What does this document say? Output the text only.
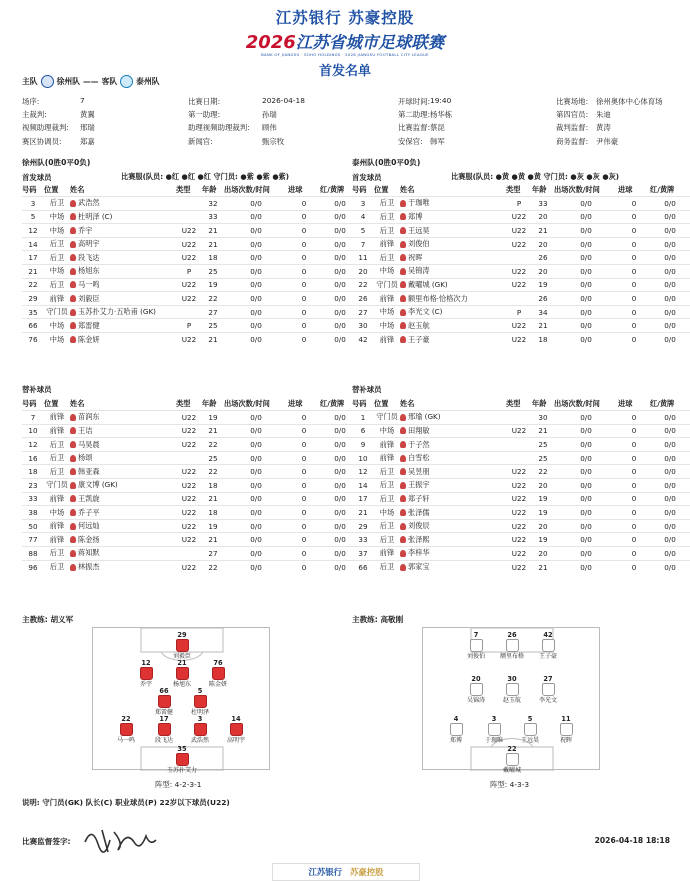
江苏银行 苏豪控股
2026江苏省城市足球联赛
BANK OF JIANGSU · SOHO HOLDINGS · 2026 JIANGSU FOOTBALL CITY LEAGUE
首发名单
主队 徐州队 —— 客队 泰州队
场序:	7	比赛日期:	2026-04-18	开球时间: 19:40	比赛场地: 徐州奥体中心体育场
主裁判:	黄翼	第一助理:	孙瑞	第二助理: 杨华栋	第四官员: 朱迪
视频助理裁判: 邢瑞	助理视频助理裁判: 顾伟	比赛监督: 蔡昆	裁判监督: 黄涛
赛区协调员:	郑嘉	新闻官:	甄宗牧	安保官: 韩军	商务监督: 尹伟豪
徐州队(0胜0平0负)	泰州队(0胜0平0负)
首发球员	比赛服(队员: ●红 ●红 ●红 守门员: ●紫 ●紫 ●紫)	首发球员	比赛服(队员: ●黄 ●黄 ●黄 守门员: ●灰 ●灰 ●灰)
号码	位置	姓名	类型	年龄	出场次数/时间	进球	红/黄牌
3	后卫	武浩然		32	0/0	0	0/0
5	中场	杜明泽 (C)		33	0/0	0	0/0
12	中场	乔宇	U22	21	0/0	0	0/0
14	后卫	高明宇	U22	21	0/0	0	0/0
17	后卫	段飞达	U22	18	0/0	0	0/0
21	中场	杨旭东	P	25	0/0	0	0/0
22	后卫	马一鸣	U22	19	0/0	0	0/0
29	前锋	刘毅臣	U22	22	0/0	0	0/0
35	守门员	玉苏扑艾力·五哈甫 (GK)		27	0/0	0	0/0
66	中场	郑雷健	P	25	0/0	0	0/0
76	中场	陈金妍	U22	21	0/0	0	0/0
号码	位置	姓名	类型	年龄	出场次数/时间	进球	红/黄牌
3	后卫	于珈唯	P	33	0/0	0	0/0
4	后卫	郑博	U22	20	0/0	0	0/0
5	后卫	王远昊	U22	21	0/0	0	0/0
7	前锋	刘俊伯	U22	20	0/0	0	0/0
11	后卫	祝晖		26	0/0	0	0/0
20	中场	吴锦涛	U22	20	0/0	0	0/0
22	守门员	戴曜城 (GK)	U22	19	0/0	0	0/0
26	前锋	额里布格·恰格次力		26	0/0	0	0/0
27	中场	李光文 (C)	P	34	0/0	0	0/0
30	中场	赵玉航	U22	21	0/0	0	0/0
42	前锋	王子豪	U22	18	0/0	0	0/0
替补球员	替补球员
号码	位置	姓名	类型	年龄	出场次数/时间	进球	红/黄牌
7	前锋	苗润东	U22	19	0/0	0	0/0
10	前锋	王诘	U22	21	0/0	0	0/0
12	后卫	马昊晨	U22	22	0/0	0	0/0
16	后卫	杨颂		25	0/0	0	0/0
18	后卫	韩亚森	U22	22	0/0	0	0/0
23	守门员	康文博 (GK)	U22	18	0/0	0	0/0
33	前锋	王凯旋	U22	21	0/0	0	0/0
38	中场	乔子平	U22	18	0/0	0	0/0
50	前锋	何远灿	U22	19	0/0	0	0/0
77	前锋	陈金扬	U22	21	0/0	0	0/0
88	后卫	蒋知默		27	0/0	0	0/0
96	后卫	林振杰	U22	22	0/0	0	0/0
号码	位置	姓名	类型	年龄	出场次数/时间	进球	红/黄牌
1	守门员	邢瑜 (GK)		30	0/0	0	0/0
6	中场	田翔敏	U22	21	0/0	0	0/0
9	前锋	于子然		25	0/0	0	0/0
10	前锋	白雪松		25	0/0	0	0/0
12	后卫	吴昱朋	U22	22	0/0	0	0/0
14	后卫	王振宇	U22	20	0/0	0	0/0
17	后卫	郑子轩	U22	19	0/0	0	0/0
21	中场	张泽儒	U22	19	0/0	0	0/0
29	后卫	刘俊辰	U22	20	0/0	0	0/0
33	后卫	张泽熙	U22	19	0/0	0	0/0
37	前锋	李梓华	U22	20	0/0	0	0/0
66	后卫	郭家宝	U22	21	0/0	0	0/0
主教练: 胡义军	主教练: 高敬刚
29
刘毅臣
12
乔宇
21
杨旭东
76
陈金妍
66
郑雷健
5
杜明泽
22
马一鸣
17
段飞达
3
武浩然
14
高明宇
35
玉苏扑艾力
7
刘俊伯
26
额里布格
42
王子豪
20
吴锦涛
30
赵玉航
27
李光文
4
郑博
3
于珈唯
5
王远昊
11
祝晖
22
戴曜城
阵型: 4-2-3-1	阵型: 4-3-3
说明: 守门员(GK) 队长(C) 职业球员(P) 22岁以下球员(U22)
比赛监督签字:	2026-04-18 18:18
江苏银行 苏豪控股
